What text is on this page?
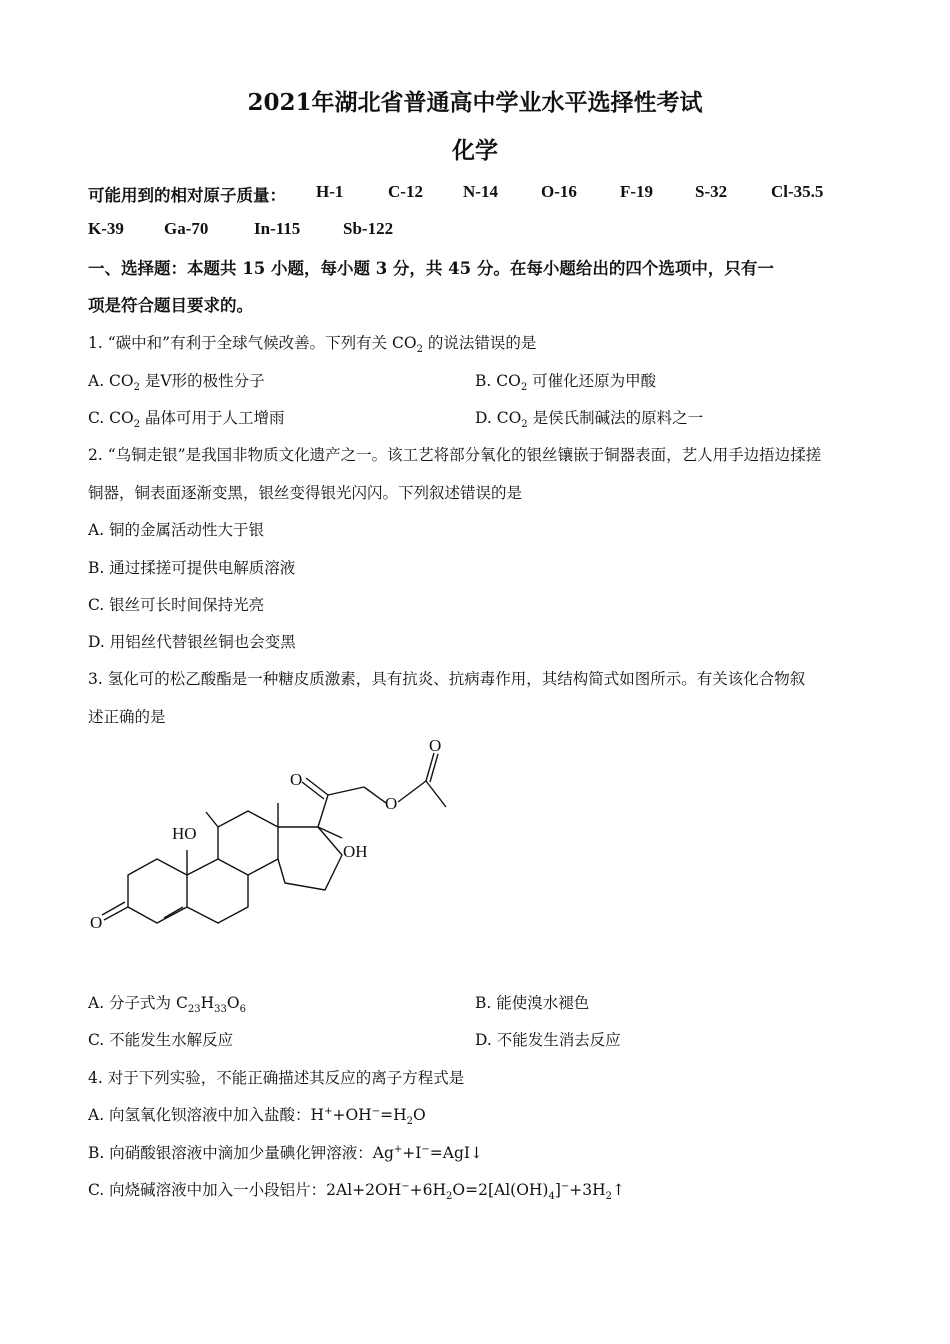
2021年湖北省普通高中学业水平选择性考试
化学
可能用到的相对原子质量： H-1	C-12 N-14	O-16	F-19 S-32	Cl-35.5
K-39 Ga-70	In-115	Sb-122
一、选择题：本题共 15 小题，每小题 3 分，共 45 分。在每小题给出的四个选项中，只有一
项是符合题目要求的。
1. “碳中和”有利于全球气候改善。下列有关 $CO_2$ 的说法错误的是
A. $CO_2$ 是Ⅴ形的极性分子	B. $CO_2$ 可催化还原为甲酸
C. $CO_2$ 晶体可用于人工增雨	D. $CO_2$ 是侯氏制碱法的原料之一
2. “乌铜走银”是我国非物质文化遗产之一。该工艺将部分氧化的银丝镶嵌于铜器表面，艺人用手边捂边揉搓
铜器，铜表面逐渐变黑，银丝变得银光闪闪。下列叙述错误的是
A. 铜的金属活动性大于银
B. 通过揉搓可提供电解质溶液
C. 银丝可长时间保持光亮
D. 用铝丝代替银丝铜也会变黑
3. 氢化可的松乙酸酯是一种糖皮质激素，具有抗炎、抗病毒作用，其结构简式如图所示。有关该化合物叙
述正确的是
O
HO
OH
O
O
O
A. 分子式为 $C_{23}H_{33}O_6$	B. 能使溴水褪色
C. 不能发生水解反应	D. 不能发生消去反应
4. 对于下列实验，不能正确描述其反应的离子方程式是
A. 向氢氧化钡溶液中加入盐酸：$H^++OH^-=H_2O$
B. 向硝酸银溶液中滴加少量碘化钾溶液：Ag++I−=AgI↓
C. 向烧碱溶液中加入一小段铝片：$2Al+2OH^-+6H_2O=2[Al(OH)_4]^-+3H_2↑$
